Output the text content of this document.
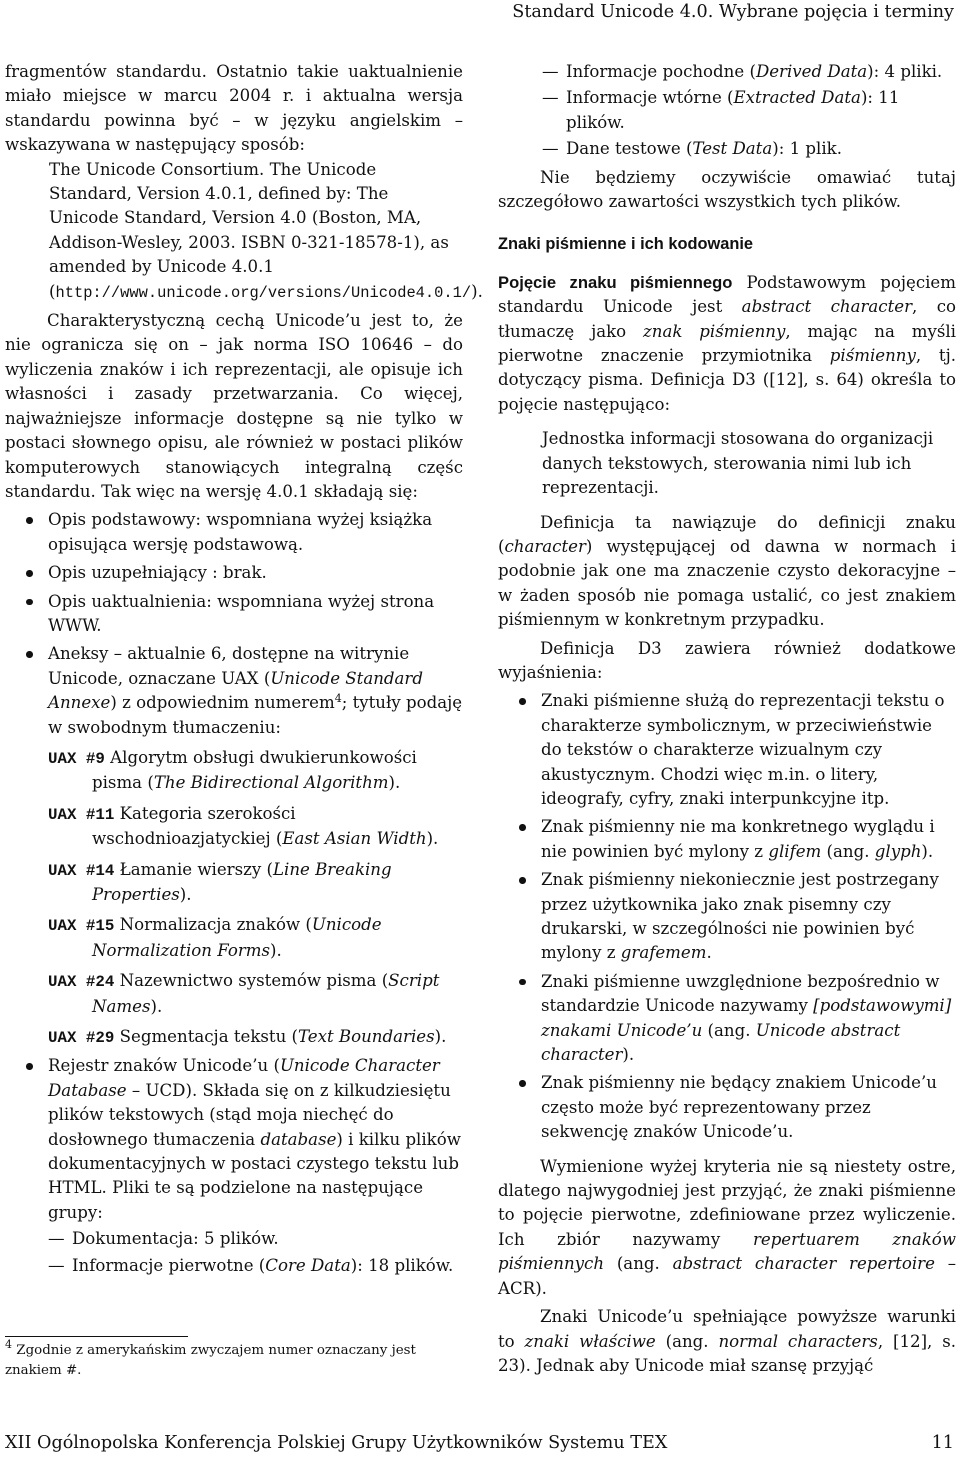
Standard Unicode 4.0. Wybrane pojęcia i terminy

fragmentów standardu. Ostatnio takie uaktualnienie miało miejsce w marcu 2004 r. i aktualna wersja standardu powinna być – w języku angielskim – wskazywana w następujący sposób:

The Unicode Consortium. The Unicode Standard, Version 4.0.1, defined by: The Unicode Standard, Version 4.0 (Boston, MA, Addison-Wesley, 2003. ISBN 0-321-18578-1), as amended by Unicode 4.0.1 (http://www.unicode.org/versions/Unicode4.0.1/).

Charakterystyczną cechą Unicode’u jest to, że nie ogranicza się on – jak norma ISO 10646 – do wyliczenia znaków i ich reprezentacji, ale opisuje ich własności i zasady przetwarzania. Co więcej, najważniejsze informacje dostępne są nie tylko w postaci słownego opisu, ale również w postaci plików komputerowych stanowiących integralną częśc standardu. Tak więc na wersję 4.0.1 składają się:

Opis podstawowy: wspomniana wyżej książka opisująca wersję podstawową.
Opis uzupełniający : brak.
Opis uaktualnienia: wspomniana wyżej strona WWW.
Aneksy – aktualnie 6, dostępne na witrynie Unicode, oznaczane UAX (Unicode Standard Annexe) z odpowiednim numerem$^4$; tytuły podaję w swobodnym tłumaczeniu:

UAX #9 Algorytm obsługi dwukierunkowości pisma (The Bidirectional Algorithm).

UAX #11 Kategoria szerokości wschodnioazjatyckiej (East Asian Width).

UAX #14 Łamanie wierszy (Line Breaking Properties).

UAX #15 Normalizacja znaków (Unicode Normalization Forms).

UAX #24 Nazewnictwo systemów pisma (Script Names).

UAX #29 Segmentacja tekstu (Text Boundaries).

Rejestr znaków Unicode’u (Unicode Character Database – UCD). Składa się on z kilkudziesiętu plików tekstowych (stąd moja niechęć do dosłownego tłumaczenia database) i kilku plików dokumentacyjnych w postaci czystego tekstu lub HTML. Pliki te są podzielone na następujące grupy:
— Dokumentacja: 5 plików.
— Informacje pierwotne (Core Data): 18 plików.
$^4$ Zgodnie z amerykańskim zwyczajem numer oznaczany jest znakiem #.
— Informacje pochodne (Derived Data): 4 pliki.
— Informacje wtórne (Extracted Data): 11 plików.
— Dane testowe (Test Data): 1 plik.

Nie będziemy oczywiście omawiać tutaj szczegółowo zawartości wszystkich tych plików.

Znaki piśmienne i ich kodowanie

Pojęcie znaku piśmiennego Podstawowym pojęciem standardu Unicode jest abstract character, co tłumaczę jako znak piśmienny, mając na myśli pierwotne znaczenie przymiotnika piśmienny, tj. dotyczący pisma. Definicja D3 ([12], s. 64) określa to pojęcie następująco:

Jednostka informacji stosowana do organizacji danych tekstowych, sterowania nimi lub ich reprezentacji.

Definicja ta nawiązuje do definicji znaku (character) występującej od dawna w normach i podobnie jak one ma znaczenie czysto dekoracyjne – w żaden sposób nie pomaga ustalić, co jest znakiem piśmiennym w konkretnym przypadku.

Definicja D3 zawiera również dodatkowe wyjaśnienia:

Znaki piśmienne służą do reprezentacji tekstu o charakterze symbolicznym, w przeciwieństwie do tekstów o charakterze wizualnym czy akustycznym. Chodzi więc m.in. o litery, ideografy, cyfry, znaki interpunkcyjne itp.
Znak piśmienny nie ma konkretnego wyglądu i nie powinien być mylony z glifem (ang. glyph).
Znak piśmienny niekoniecznie jest postrzegany przez użytkownika jako znak pisemny czy drukarski, w szczególności nie powinien być mylony z grafemem.
Znaki piśmienne uwzględnione bezpośrednio w standardzie Unicode nazywamy [podstawowymi] znakami Unicode’u (ang. Unicode abstract character).
Znak piśmienny nie będący znakiem Unicode’u często może być reprezentowany przez sekwencję znaków Unicode’u.

Wymienione wyżej kryteria nie są niestety ostre, dlatego najwygodniej jest przyjąć, że znaki piśmienne to pojęcie pierwotne, zdefiniowane przez wyliczenie. Ich zbiór nazywamy repertuarem znaków piśmiennych (ang. abstract character repertoire – ACR).

Znaki Unicode’u spełniające powyższe warunki to znaki właściwe (ang. normal characters, [12], s. 23). Jednak aby Unicode miał szansę przyjąć

XII Ogólnopolska Konferencja Polskiej Grupy Użytkowników Systemu TEX	11
